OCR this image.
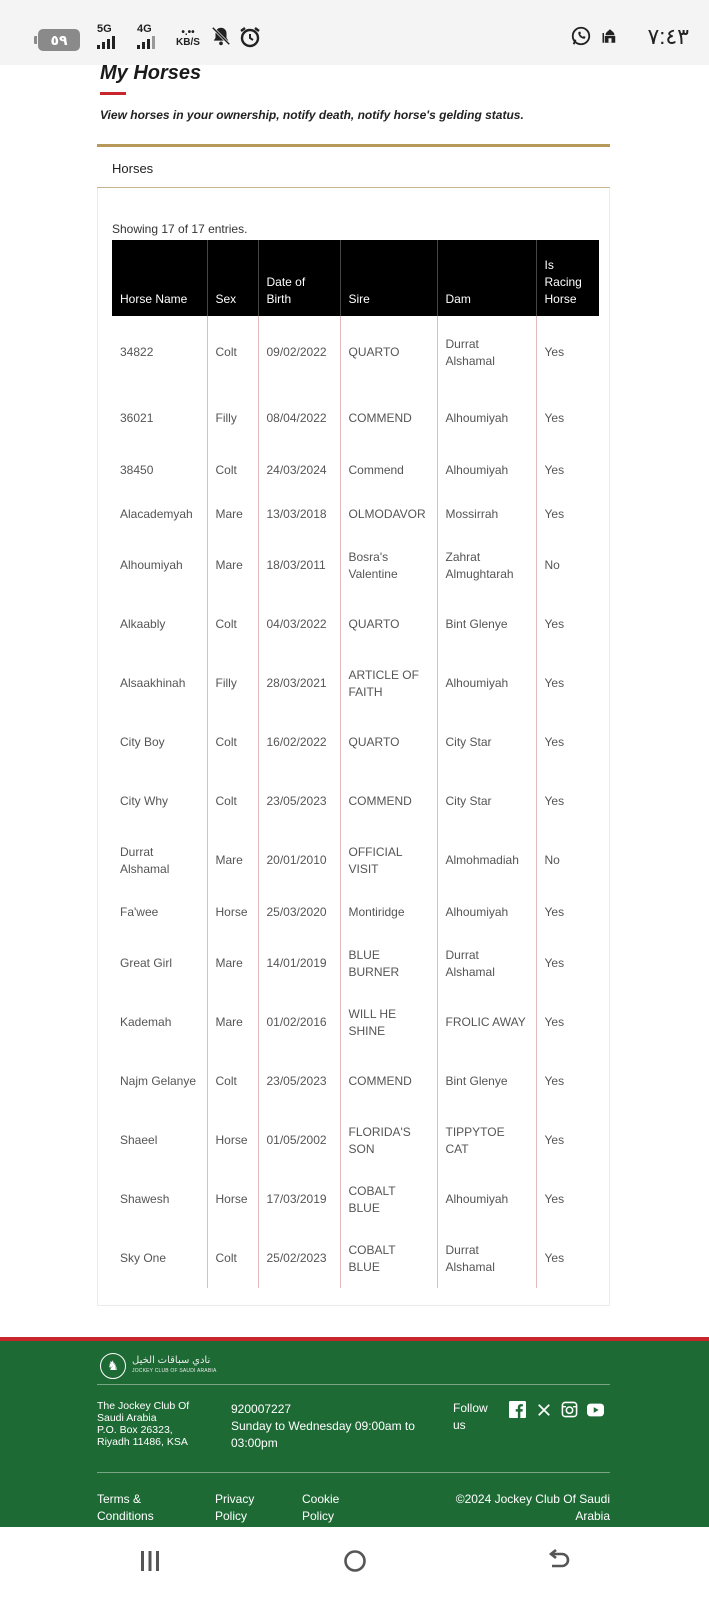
٥٩
5G	4G	•.••
KB/S	٧:٤٣
My Horses

View horses in your ownership, notify death, notify horse's gelding status.

Horses
Showing 17 of 17 entries.
Horse Name	Sex	Date of Birth	Sire	Dam	Is Racing Horse

34822	Colt	09/02/2022	QUARTO	Durrat Alshamal	Yes
36021	Filly	08/04/2022	COMMEND	Alhoumiyah	Yes
38450	Colt	24/03/2024	Commend	Alhoumiyah	Yes
Alacademyah	Mare	13/03/2018	OLMODAVOR	Mossirrah	Yes
Alhoumiyah	Mare	18/03/2011	Bosra's Valentine	Zahrat Almughtarah	No
Alkaably	Colt	04/03/2022	QUARTO	Bint Glenye	Yes
Alsaakhinah	Filly	28/03/2021	ARTICLE OF FAITH	Alhoumiyah	Yes
City Boy	Colt	16/02/2022	QUARTO	City Star	Yes
City Why	Colt	23/05/2023	COMMEND	City Star	Yes
Durrat Alshamal	Mare	20/01/2010	OFFICIAL VISIT	Almohmadiah	No
Fa'wee	Horse	25/03/2020	Montiridge	Alhoumiyah	Yes
Great Girl	Mare	14/01/2019	BLUE BURNER	Durrat Alshamal	Yes
Kademah	Mare	01/02/2016	WILL HE SHINE	FROLIC AWAY	Yes
Najm Gelanye	Colt	23/05/2023	COMMEND	Bint Glenye	Yes
Shaeel	Horse	01/05/2002	FLORIDA'S SON	TIPPYTOE CAT	Yes
Shawesh	Horse	17/03/2019	COBALT BLUE	Alhoumiyah	Yes
Sky One	Colt	25/02/2023	COBALT BLUE	Durrat Alshamal	Yes
♞	نادي سباقات الخيل
JOCKEY CLUB OF SAUDI ARABIA
The Jockey Club Of
Saudi Arabia
P.O. Box 26323,
Riyadh 11486, KSA
920007227
Sunday to Wednesday 09:00am to 03:00pm
Follow us
Terms & Conditions
Privacy Policy
Cookie Policy
©2024 Jockey Club Of Saudi Arabia
